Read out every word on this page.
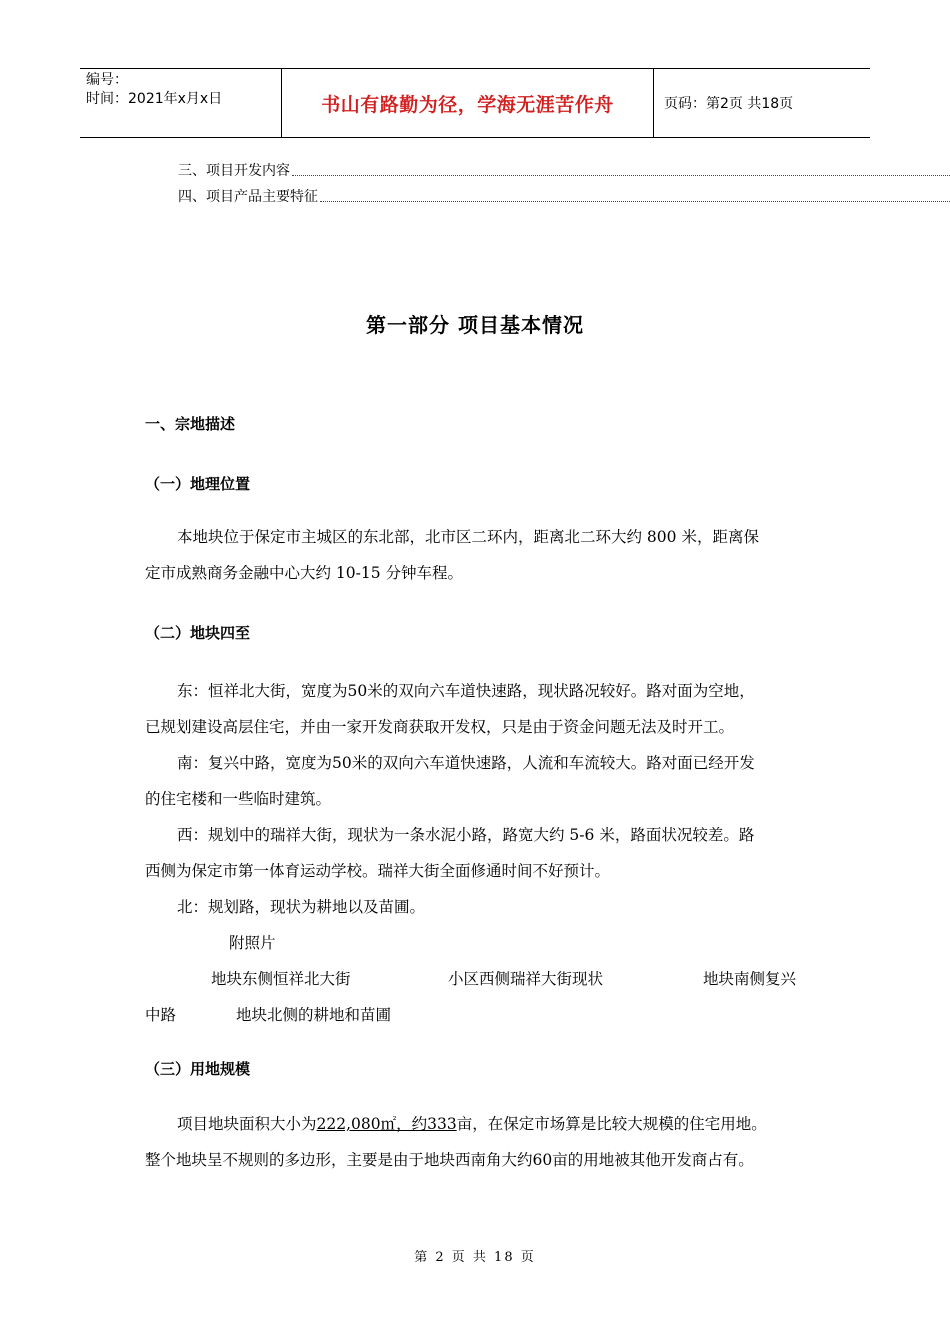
编号：
时间：2021年x月x日	书山有路勤为径，学海无涯苦作舟	页码：第2页 共18页
三、项目开发内容
四、项目产品主要特征
第一部分 项目基本情况
一、宗地描述
（一）地理位置
本地块位于保定市主城区的东北部，北市区二环内，距离北二环大约 800 米，距离保
定市成熟商务金融中心大约 10-15 分钟车程。
（二）地块四至
东：恒祥北大街，宽度为50米的双向六车道快速路，现状路况较好。路对面为空地，
已规划建设高层住宅，并由一家开发商获取开发权，只是由于资金问题无法及时开工。
南：复兴中路，宽度为50米的双向六车道快速路，人流和车流较大。路对面已经开发
的住宅楼和一些临时建筑。
西：规划中的瑞祥大街，现状为一条水泥小路，路宽大约 5-6 米，路面状况较差。路
西侧为保定市第一体育运动学校。瑞祥大街全面修通时间不好预计。
北：规划路，现状为耕地以及苗圃。
附照片
地块东侧恒祥北大街	小区西侧瑞祥大街现状	地块南侧复兴
中路	地块北侧的耕地和苗圃
（三）用地规模
项目地块面积大小为222,080㎡，约333亩，在保定市场算是比较大规模的住宅用地。
整个地块呈不规则的多边形，主要是由于地块西南角大约60亩的用地被其他开发商占有。
第 2 页 共 18 页
